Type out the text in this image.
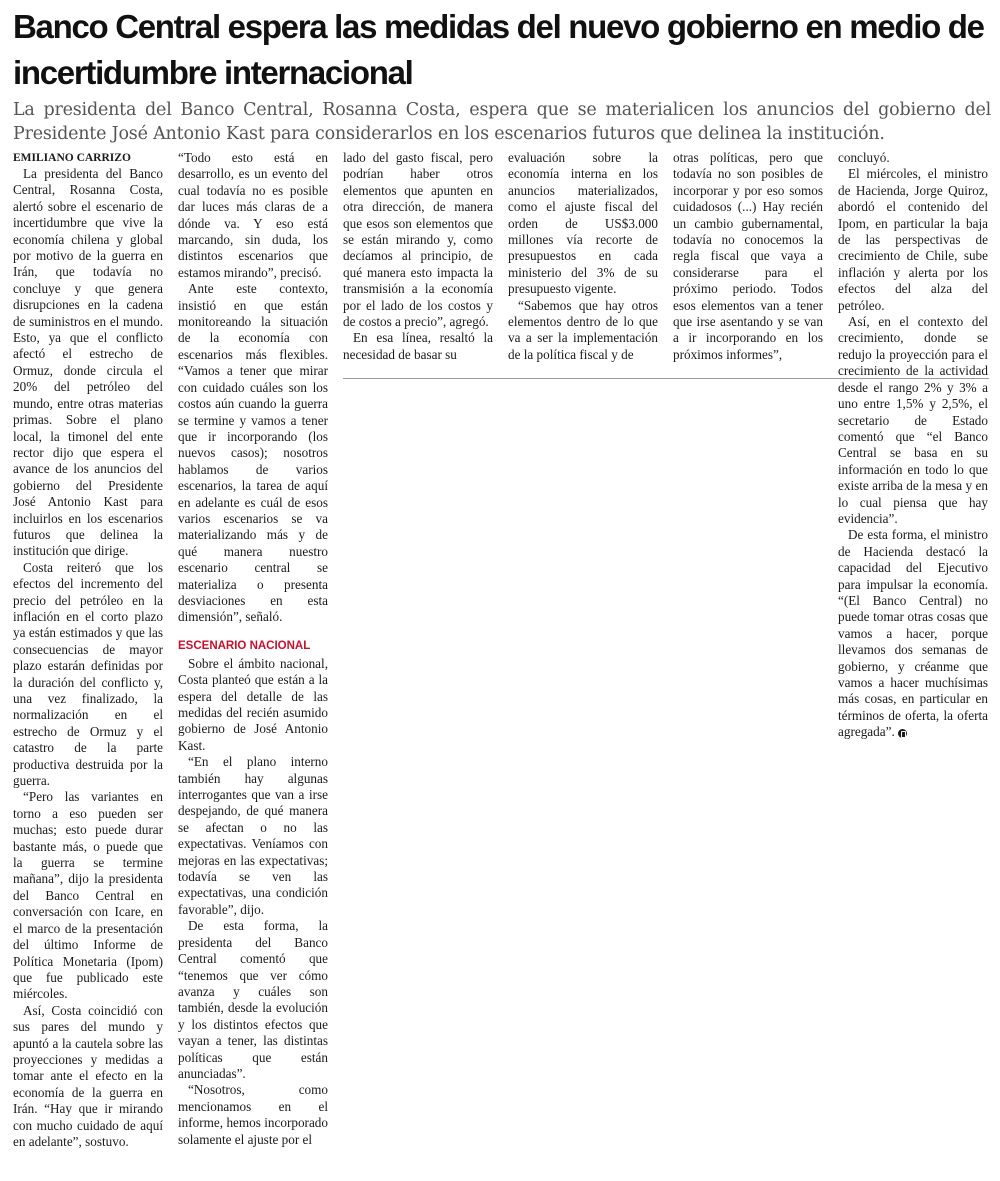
Banco Central espera las medidas del nuevo gobierno en medio de incertidumbre internacional

La presidenta del Banco Central, Rosanna Costa, espera que se materialicen los anuncios del gobierno del Presidente José Antonio Kast para considerarlos en los escenarios futuros que delinea la institución.

EMILIANO CARRIZO

La presidenta del Banco Central, Rosanna Costa, alertó sobre el escenario de incertidumbre que vive la economía chilena y global por motivo de la guerra en Irán, que todavía no concluye y que genera disrupciones en la cadena de suministros en el mundo. Esto, ya que el conflicto afectó el estrecho de Ormuz, donde circula el 20% del petróleo del mundo, entre otras materias primas. Sobre el plano local, la timonel del ente rector dijo que espera el avance de los anuncios del gobierno del Presidente José Antonio Kast para incluirlos en los escenarios futuros que delinea la institución que dirige.

Costa reiteró que los efectos del incremento del precio del petróleo en la inflación en el corto plazo ya están estimados y que las consecuencias de mayor plazo estarán definidas por la duración del conflicto y, una vez finalizado, la normalización en el estrecho de Ormuz y el catastro de la parte productiva destruida por la guerra.

“Pero las variantes en torno a eso pueden ser muchas; esto puede durar bastante más, o puede que la guerra se termine mañana”, dijo la presidenta del Banco Central en conversación con Icare, en el marco de la presentación del último Informe de Política Monetaria (Ipom) que fue publicado este miércoles.

Así, Costa coincidió con sus pares del mundo y apuntó a la cautela sobre las proyecciones y medidas a tomar ante el efecto en la economía de la guerra en Irán. “Hay que ir mirando con mucho cuidado de aquí en adelante”, sostuvo.

“Todo esto está en desarrollo, es un evento del cual todavía no es posible dar luces más claras de a dónde va. Y eso está marcando, sin duda, los distintos escenarios que estamos mirando”, precisó.

Ante este contexto, insistió en que están monitoreando la situación de la economía con escenarios más flexibles. “Vamos a tener que mirar con cuidado cuáles son los costos aún cuando la guerra se termine y vamos a tener que ir incorporando (los nuevos casos); nosotros hablamos de varios escenarios, la tarea de aquí en adelante es cuál de esos varios escenarios se va materializando más y de qué manera nuestro escenario central se materializa o presenta desviaciones en esta dimensión”, señaló.

ESCENARIO NACIONAL

Sobre el ámbito nacional, Costa planteó que están a la espera del detalle de las medidas del recién asumido gobierno de José Antonio Kast.

“En el plano interno también hay algunas interrogantes que van a irse despejando, de qué manera se afectan o no las expectativas. Veníamos con mejoras en las expectativas; todavía se ven las expectativas, una condición favorable”, dijo.

De esta forma, la presidenta del Banco Central comentó que “tenemos que ver cómo avanza y cuáles son también, desde la evolución y los distintos efectos que vayan a tener, las distintas políticas que están anunciadas”.

“Nosotros, como mencionamos en el informe, hemos incorporado solamente el ajuste por el

lado del gasto fiscal, pero podrían haber otros elementos que apunten en otra dirección, de manera que esos son elementos que se están mirando y, como decíamos al principio, de qué manera esto impacta la transmisión a la economía por el lado de los costos y de costos a precio”, agregó.

En esa línea, resaltó la necesidad de basar su

evaluación sobre la economía interna en los anuncios materializados, como el ajuste fiscal del orden de US$3.000 millones vía recorte de presupuestos en cada ministerio del 3% de su presupuesto vigente.

“Sabemos que hay otros elementos dentro de lo que va a ser la implementación de la política fiscal y de

otras políticas, pero que todavía no son posibles de incorporar y por eso somos cuidadosos (...) Hay recién un cambio gubernamental, todavía no conocemos la regla fiscal que vaya a considerarse para el próximo periodo. Todos esos elementos van a tener que irse asentando y se van a ir incorporando en los próximos informes”,

concluyó.

El miércoles, el ministro de Hacienda, Jorge Quiroz, abordó el contenido del Ipom, en particular la baja de las perspectivas de crecimiento de Chile, sube inflación y alerta por los efectos del alza del petróleo.

Así, en el contexto del crecimiento, donde se redujo la proyección para el crecimiento de la actividad desde el rango 2% y 3% a uno entre 1,5% y 2,5%, el secretario de Estado comentó que “el Banco Central se basa en su información en todo lo que existe arriba de la mesa y en lo cual piensa que hay evidencia”.

De esta forma, el ministro de Hacienda destacó la capacidad del Ejecutivo para impulsar la economía. “(El Banco Central) no puede tomar otras cosas que vamos a hacer, porque llevamos dos semanas de gobierno, y créanme que vamos a hacer muchísimas más cosas, en particular en términos de oferta, la oferta agregada”.
